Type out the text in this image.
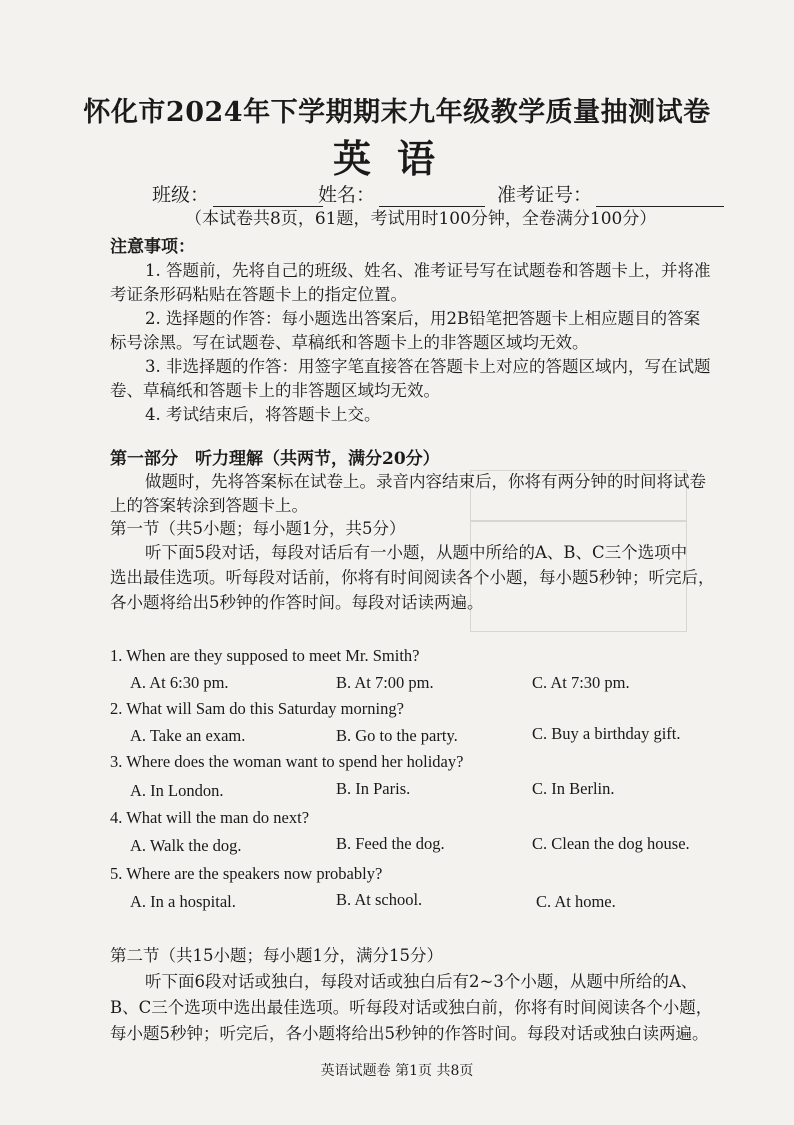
怀化市2024年下学期期末九年级教学质量抽测试卷
英语
班级：	姓名：	准考证号：
（本试卷共8页，61题，考试用时100分钟，全卷满分100分）
注意事项：
1. 答题前，先将自己的班级、姓名、准考证号写在试题卷和答题卡上，并将准
考证条形码粘贴在答题卡上的指定位置。
2. 选择题的作答：每小题选出答案后，用2B铅笔把答题卡上相应题目的答案
标号涂黑。写在试题卷、草稿纸和答题卡上的非答题区域均无效。
3. 非选择题的作答：用签字笔直接答在答题卡上对应的答题区域内，写在试题
卷、草稿纸和答题卡上的非答题区域均无效。
4. 考试结束后，将答题卡上交。
第一部分　听力理解（共两节，满分20分）
做题时，先将答案标在试卷上。录音内容结束后，你将有两分钟的时间将试卷
上的答案转涂到答题卡上。
第一节（共5小题；每小题1分，共5分）
听下面5段对话，每段对话后有一小题，从题中所给的A、B、C三个选项中
选出最佳选项。听每段对话前，你将有时间阅读各个小题，每小题5秒钟；听完后，
各小题将给出5秒钟的作答时间。每段对话读两遍。
1. When are they supposed to meet Mr. Smith?
A. At 6:30 pm.	B. At 7:00 pm.	C. At 7:30 pm.
2. What will Sam do this Saturday morning?
A. Take an exam.	B. Go to the party.	C. Buy a birthday gift.
3. Where does the woman want to spend her holiday?
A. In London.	B. In Paris.	C. In Berlin.
4. What will the man do next?
A. Walk the dog.	B. Feed the dog.	C. Clean the dog house.
5. Where are the speakers now probably?
A. In a hospital.	B. At school.	C. At home.
第二节（共15小题；每小题1分，满分15分）
听下面6段对话或独白，每段对话或独白后有2~3个小题，从题中所给的A、
B、C三个选项中选出最佳选项。听每段对话或独白前，你将有时间阅读各个小题，
每小题5秒钟；听完后，各小题将给出5秒钟的作答时间。每段对话或独白读两遍。
英语试题卷 第1页 共8页
